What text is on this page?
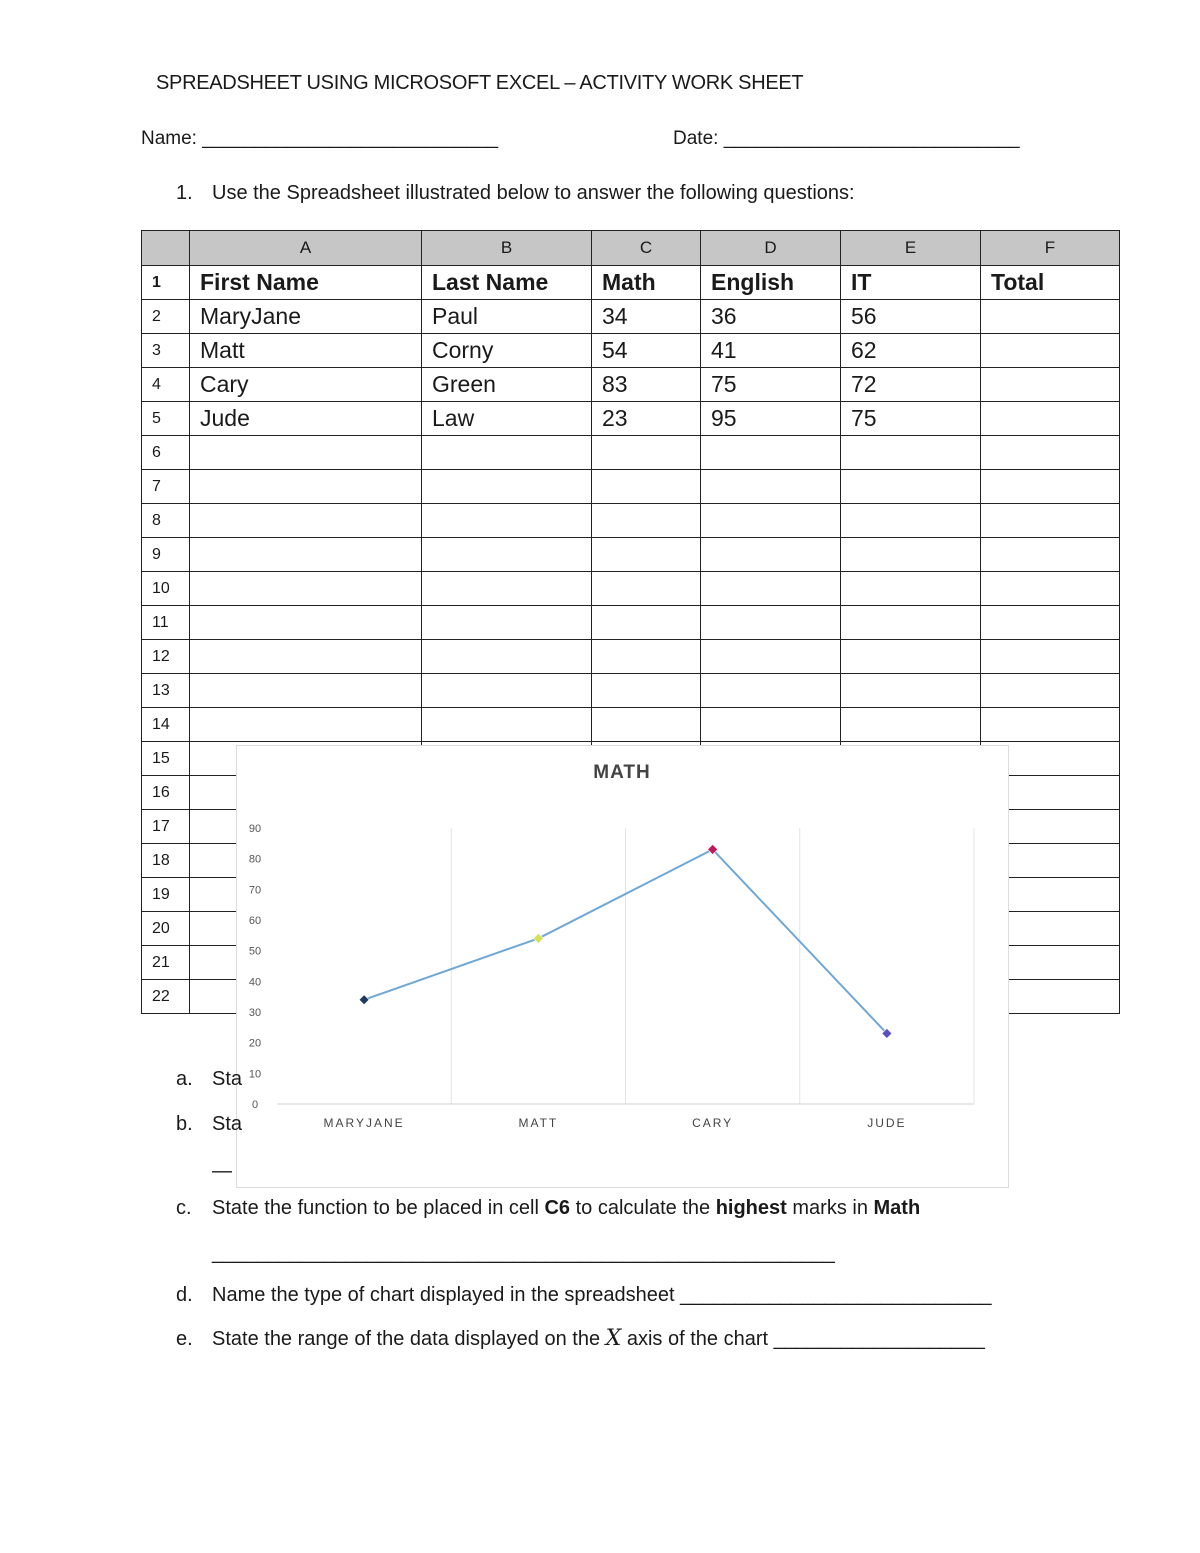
SPREADSHEET USING MICROSOFT EXCEL – ACTIVITY WORK SHEET
Name: ____________________________	Date: ____________________________
1. Use the Spreadsheet illustrated below to answer the following questions:
	A	B	C	D	E	F
1	First Name	Last Name	Math	English	IT	Total
2	MaryJane	Paul	34	36	56	
3	Matt	Corny	54	41	62	
4	Cary	Green	83	75	72	
5	Jude	Law	23	95	75	
6						
7						
8						
9						
10						
11						
12						
13						
14						
15						
16						
17						
18						
19						
20						
21						
22						
MATH
0
10
20
30
40
50
60
70
80
90
MARYJANE	MATT	CARY	JUDE
a. Sta
b. Sta
—
c. State the function to be placed in cell C6 to calculate the highest marks in Math
________________________________________________________
d. Name the type of chart displayed in the spreadsheet ____________________________
e. State the range of the data displayed on the X axis of the chart ___________________
